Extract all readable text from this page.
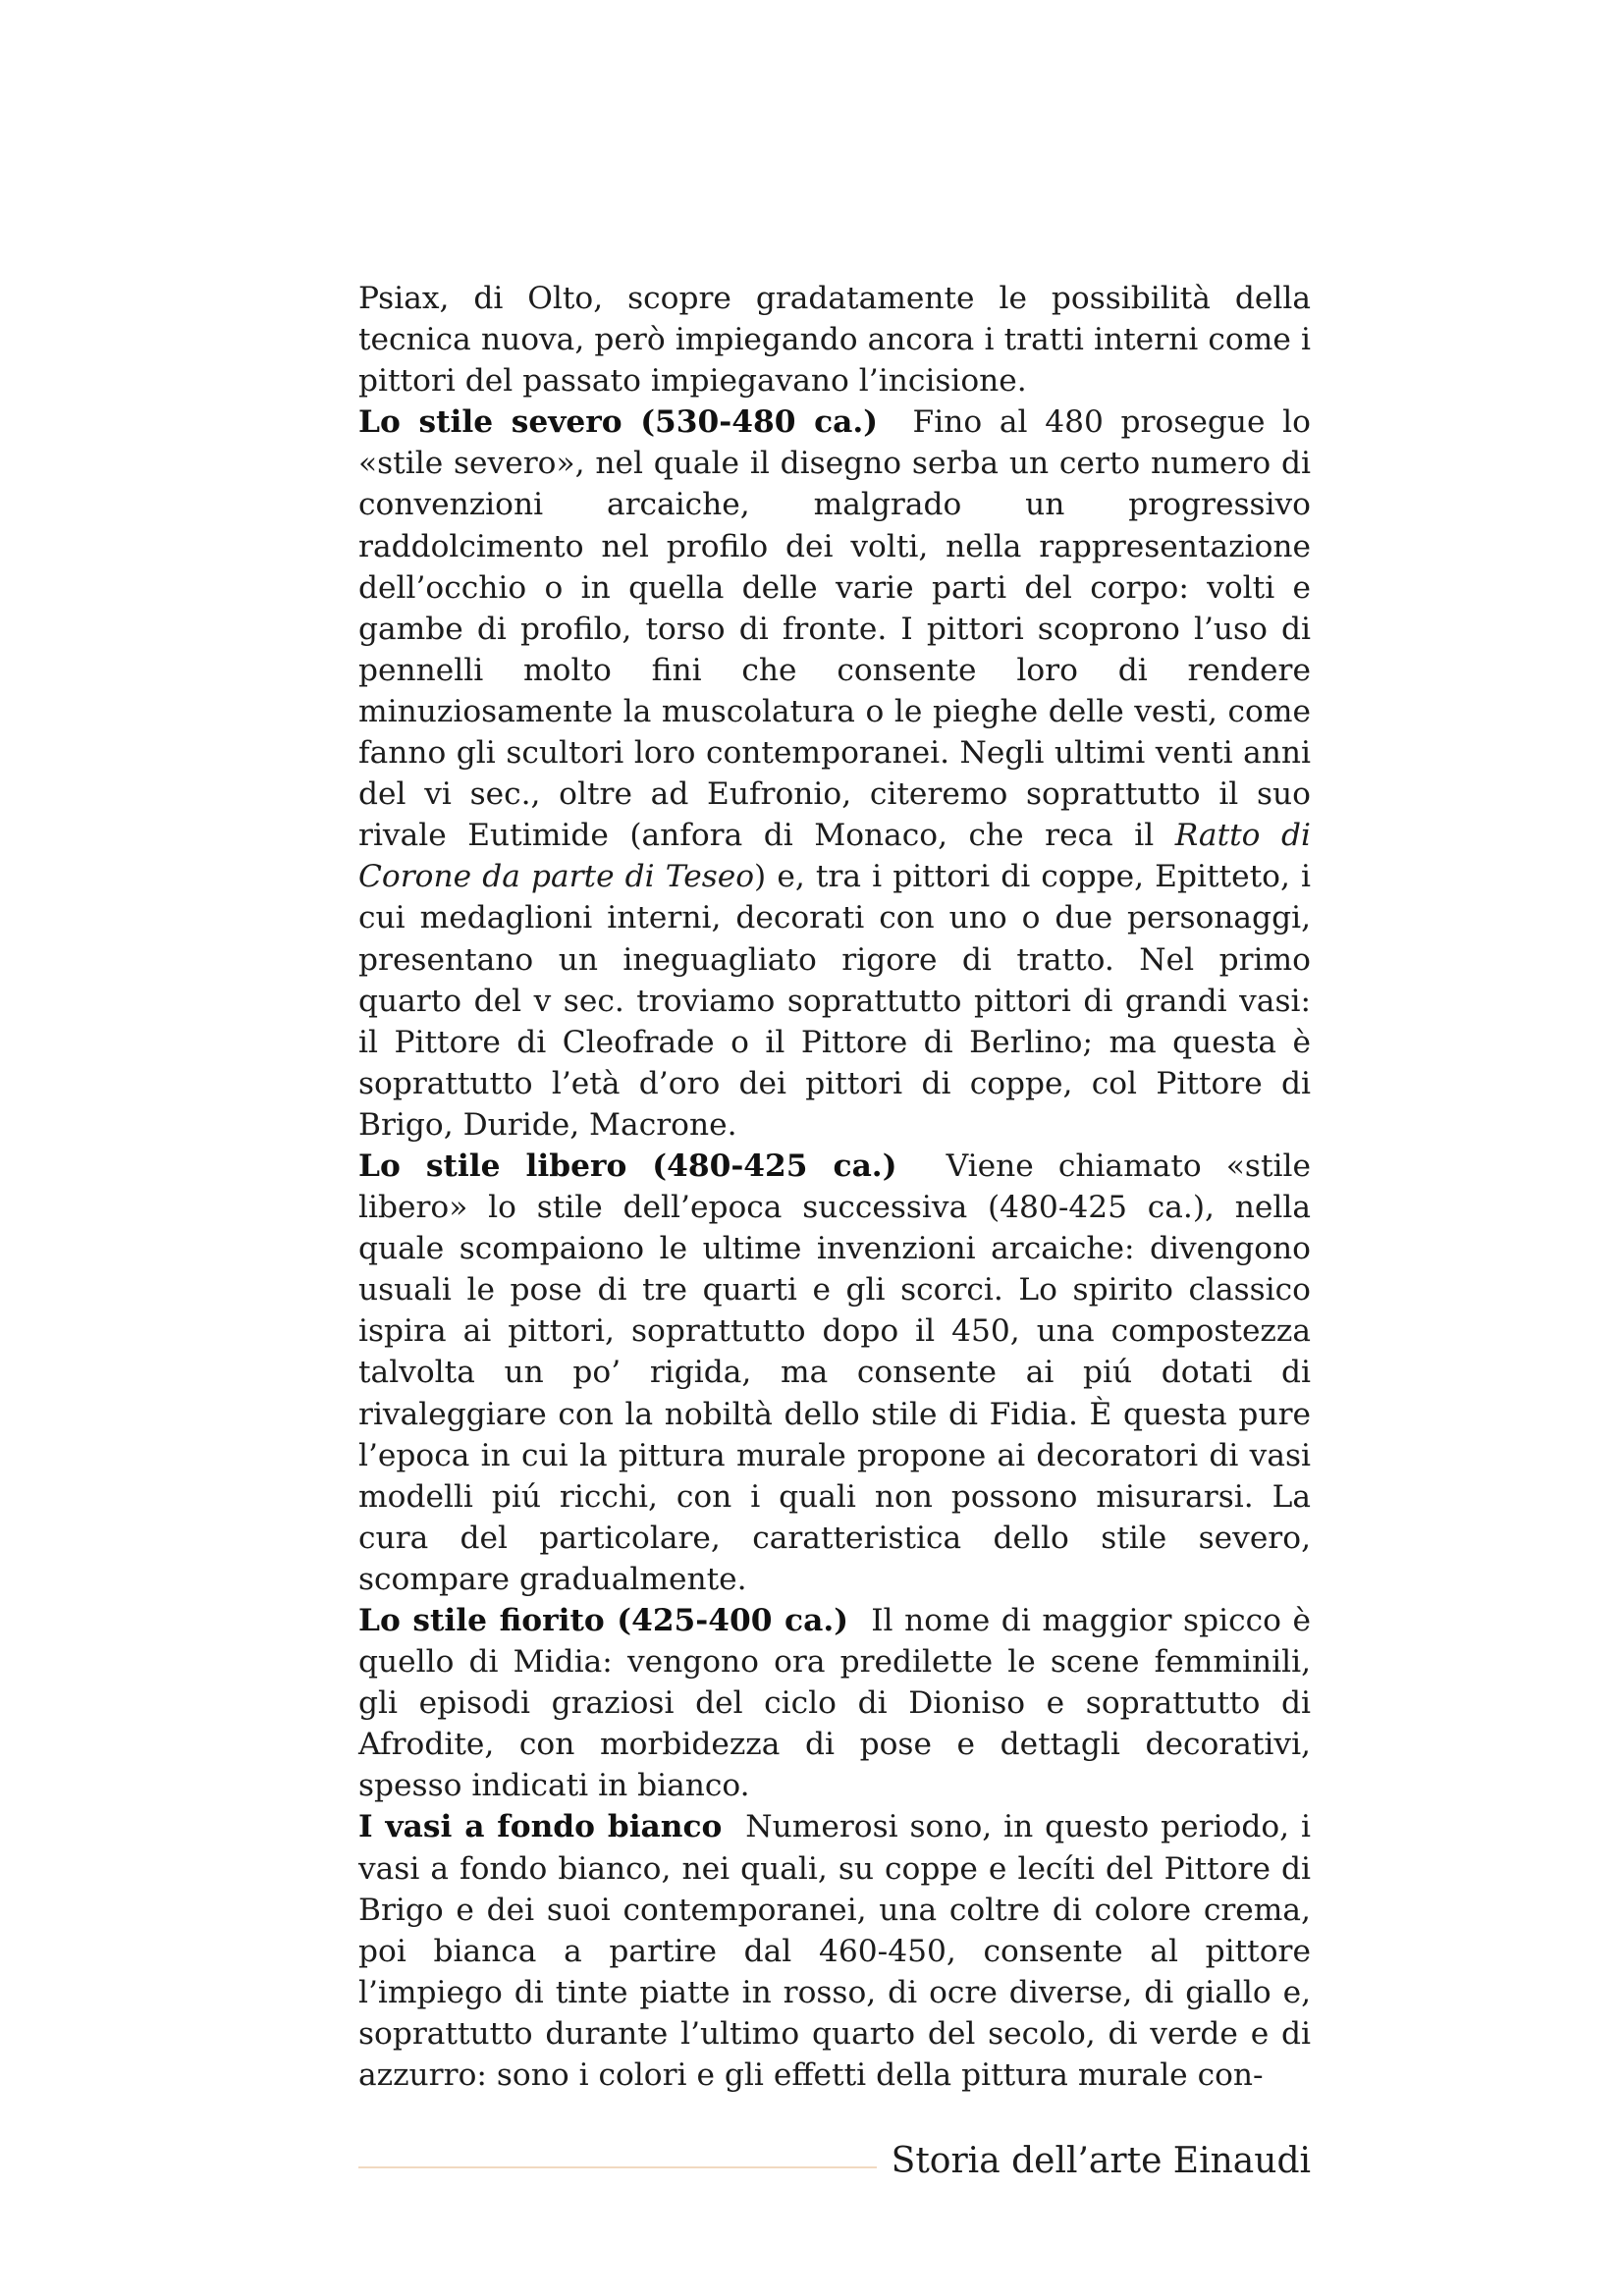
Psiax, di Olto, scopre gradatamente le possibilità della tecnica nuova, però impiegando ancora i tratti interni come i pittori del passato impiegavano l’incisione.

Lo stile severo (530-480 ca.) Fino al 480 prosegue lo «stile severo», nel quale il disegno serba un certo numero di convenzioni arcaiche, malgrado un progressivo raddolcimento nel profilo dei volti, nella rappresentazione dell’occhio o in quella delle varie parti del corpo: volti e gambe di profilo, torso di fronte. I pittori scoprono l’uso di pennelli molto fini che consente loro di rendere minuziosamente la muscolatura o le pieghe delle vesti, come fanno gli scultori loro contemporanei. Negli ultimi venti anni del vi sec., oltre ad Eufronio, citeremo soprattutto il suo rivale Eutimide (anfora di Monaco, che reca il Ratto di Corone da parte di Teseo) e, tra i pittori di coppe, Epitteto, i cui medaglioni interni, decorati con uno o due personaggi, presentano un ineguagliato rigore di tratto. Nel primo quarto del v sec. troviamo soprattutto pittori di grandi vasi: il Pittore di Cleofrade o il Pittore di Berlino; ma questa è soprattutto l’età d’oro dei pittori di coppe, col Pittore di Brigo, Duride, Macrone.

Lo stile libero (480-425 ca.) Viene chiamato «stile libero» lo stile dell’epoca successiva (480-425 ca.), nella quale scompaiono le ultime invenzioni arcaiche: divengono usuali le pose di tre quarti e gli scorci. Lo spirito classico ispira ai pittori, soprattutto dopo il 450, una compostezza talvolta un po’ rigida, ma consente ai piú dotati di rivaleggiare con la nobiltà dello stile di Fidia. È questa pure l’epoca in cui la pittura murale propone ai decoratori di vasi modelli piú ricchi, con i quali non possono misurarsi. La cura del particolare, caratteristica dello stile severo, scompare gradualmente.

Lo stile fiorito (425-400 ca.) Il nome di maggior spicco è quello di Midia: vengono ora predilette le scene femminili, gli episodi graziosi del ciclo di Dioniso e soprattutto di Afrodite, con morbidezza di pose e dettagli decorativi, spesso indicati in bianco.

I vasi a fondo bianco Numerosi sono, in questo periodo, i vasi a fondo bianco, nei quali, su coppe e lecíti del Pittore di Brigo e dei suoi contemporanei, una coltre di colore crema, poi bianca a partire dal 460-450, consente al pittore l’impiego di tinte piatte in rosso, di ocre diverse, di giallo e, soprattutto durante l’ultimo quarto del secolo, di verde e di azzurro: sono i colori e gli effetti della pittura murale con-

Storia dell’arte Einaudi
